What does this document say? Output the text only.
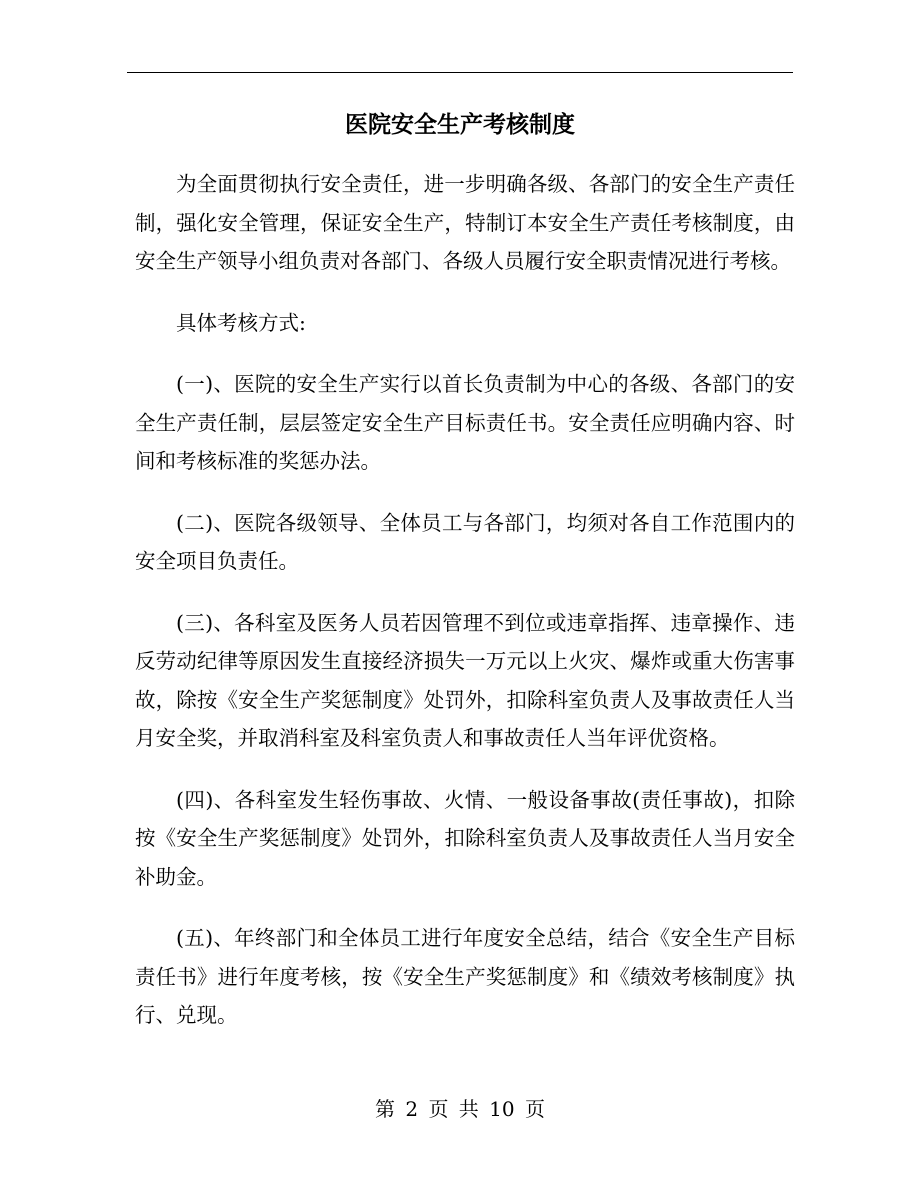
医院安全生产考核制度

为全面贯彻执行安全责任，进一步明确各级、各部门的安全生产责任制，强化安全管理，保证安全生产，特制订本安全生产责任考核制度，由安全生产领导小组负责对各部门、各级人员履行安全职责情况进行考核。

具体考核方式:

(一)、医院的安全生产实行以首长负责制为中心的各级、各部门的安全生产责任制，层层签定安全生产目标责任书。安全责任应明确内容、时间和考核标准的奖惩办法。

(二)、医院各级领导、全体员工与各部门，均须对各自工作范围内的安全项目负责任。

(三)、各科室及医务人员若因管理不到位或违章指挥、违章操作、违反劳动纪律等原因发生直接经济损失一万元以上火灾、爆炸或重大伤害事故，除按《安全生产奖惩制度》处罚外，扣除科室负责人及事故责任人当月安全奖，并取消科室及科室负责人和事故责任人当年评优资格。

(四)、各科室发生轻伤事故、火情、一般设备事故(责任事故)，扣除按《安全生产奖惩制度》处罚外，扣除科室负责人及事故责任人当月安全补助金。

(五)、年终部门和全体员工进行年度安全总结，结合《安全生产目标责任书》进行年度考核，按《安全生产奖惩制度》和《绩效考核制度》执行、兑现。

第 2 页 共 10 页
